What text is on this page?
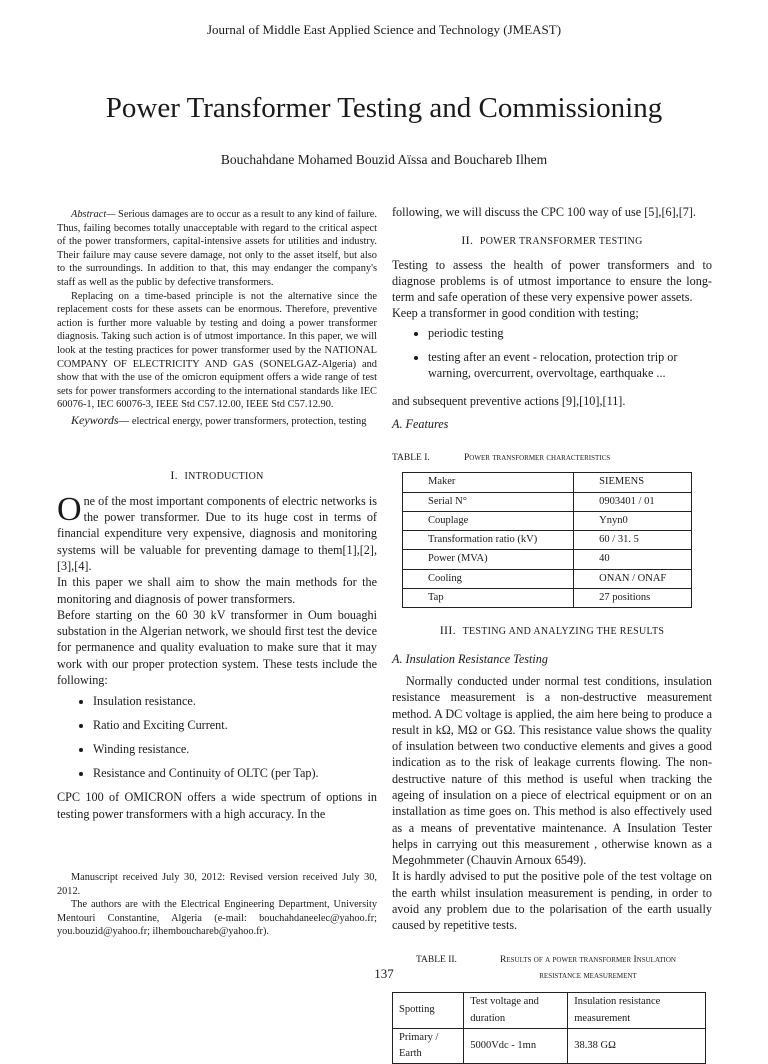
Journal of Middle East Applied Science and Technology (JMEAST)
Power Transformer Testing and Commissioning
Bouchahdane Mohamed Bouzid Aïssa and Bouchareb Ilhem

Abstract— Serious damages are to occur as a result to any kind of failure. Thus, failing becomes totally unacceptable with regard to the critical aspect of the power transformers, capital-intensive assets for utilities and industry. Their failure may cause severe damage, not only to the asset itself, but also to the surroundings. In addition to that, this may endanger the company's staff as well as the public by defective transformers.

Replacing on a time-based principle is not the alternative since the replacement costs for these assets can be enormous. Therefore, preventive action is further more valuable by testing and doing a power transformer diagnosis. Taking such action is of utmost importance. In this paper, we will look at the testing practices for power transformer used by the NATIONAL COMPANY OF ELECTRICITY AND GAS (SONELGAZ-Algeria) and show that with the use of the omicron equipment offers a wide range of test sets for power transformers according to the international standards like IEC 60076-1, IEC 60076-3, IEEE Std C57.12.00, IEEE Std C57.12.90.

Keywords— electrical energy, power transformers, protection, testing

I. INTRODUCTION

One of the most important components of electric networks is the power transformer. Due to its huge cost in terms of financial expenditure very expensive, diagnosis and monitoring systems will be valuable for preventing damage to them[1],[2],[3],[4].

In this paper we shall aim to show the main methods for the monitoring and diagnosis of power transformers.

Before starting on the 60 30 kV transformer in Oum bouaghi substation in the Algerian network, we should first test the device for permanence and quality evaluation to make sure that it may work with our proper protection system. These tests include the following:

• Insulation resistance.
• Ratio and Exciting Current.
• Winding resistance.
• Resistance and Continuity of OLTC (per Tap).

CPC 100 of OMICRON offers a wide spectrum of options in testing power transformers with a high accuracy. In the

Manuscript received July 30, 2012: Revised version received July 30, 2012.

The authors are with the Electrical Engineering Department, University Mentouri Constantine, Algeria (e-mail: bouchahdaneelec@yahoo.fr; you.bouzid@yahoo.fr; ilhembouchareb@yahoo.fr).

following, we will discuss the CPC 100 way of use [5],[6],[7].

II. POWER TRANSFORMER TESTING

Testing to assess the health of power transformers and to diagnose problems is of utmost importance to ensure the long-term and safe operation of these very expensive power assets.

Keep a transformer in good condition with testing;

• periodic testing
• testing after an event - relocation, protection trip or warning, overcurrent, overvoltage, earthquake ...

and subsequent preventive actions [9],[10],[11].

A. Features
TABLE I.	Power transformer characteristics
Maker	SIEMENS
Serial N°	0903401 / 01
Couplage	Ynyn0
Transformation ratio (kV)	60 / 31. 5
Power (MVA)	40
Cooling	ONAN / ONAF
Tap	27 positions
III. TESTING AND ANALYZING THE RESULTS
A. Insulation Resistance Testing

Normally conducted under normal test conditions, insulation resistance measurement is a non-destructive measurement method. A DC voltage is applied, the aim here being to produce a result in kΩ, MΩ or GΩ. This resistance value shows the quality of insulation between two conductive elements and gives a good indication as to the risk of leakage currents flowing. The non-destructive nature of this method is useful when tracking the ageing of insulation on a piece of electrical equipment or on an installation as time goes on. This method is also effectively used as a means of preventative maintenance. A Insulation Tester helps in carrying out this measurement , otherwise known as a Megohmmeter (Chauvin Arnoux 6549).

It is hardly advised to put the positive pole of the test voltage on the earth whilst insulation measurement is pending, in order to avoid any problem due to the polarisation of the earth usually caused by repetitive tests.

TABLE II.	Results of a power transformer Insulation resistance measurement
Spotting	Test voltage and duration	Insulation resistance measurement
Primary / Earth	5000Vdc - 1mn	38.38 GΩ
137
